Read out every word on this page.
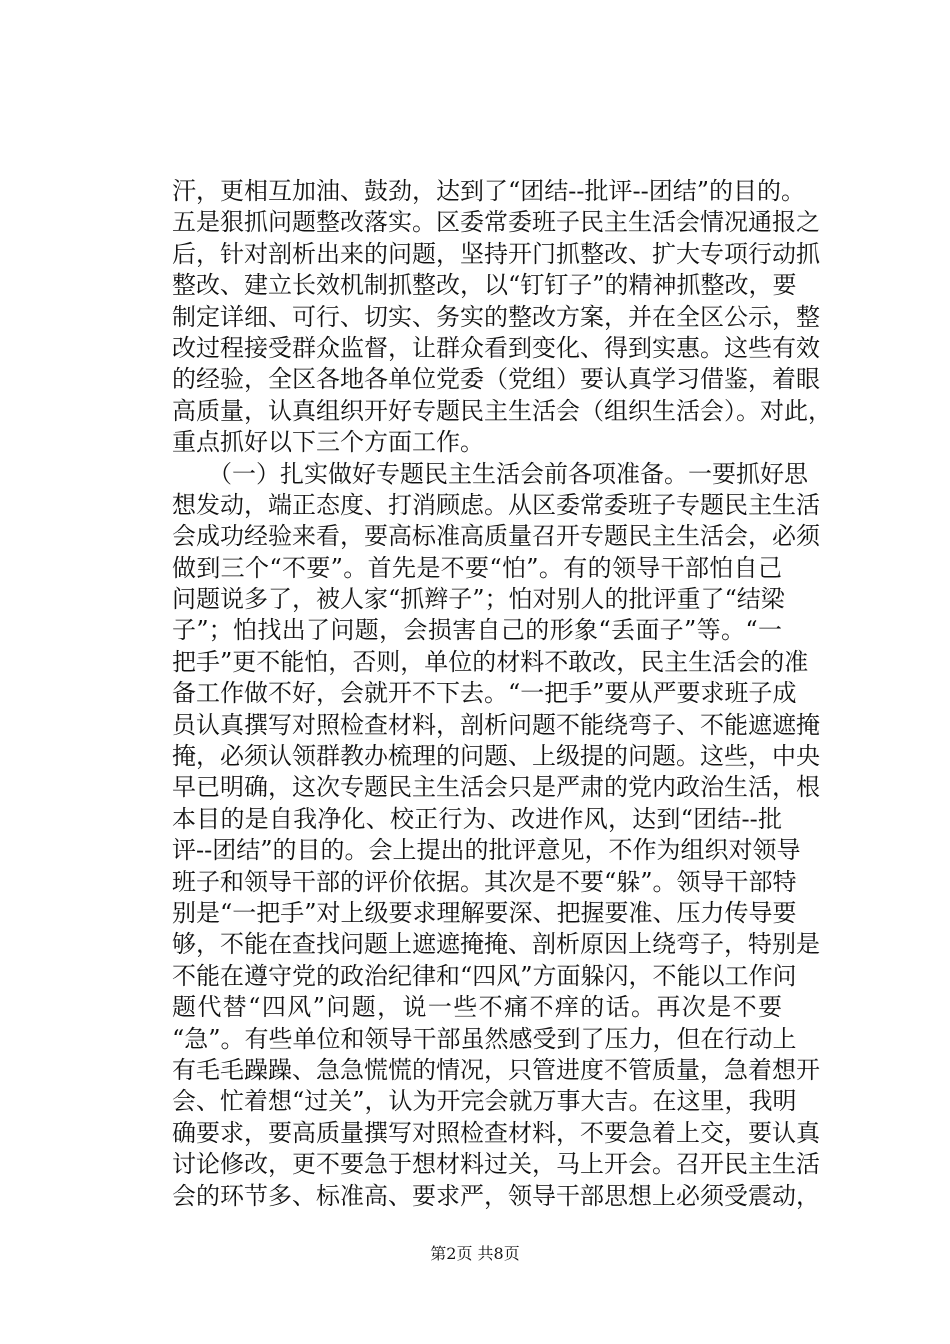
汗，更相互加油、鼓劲，达到了“团结--批评--团结”的目的。
五是狠抓问题整改落实。区委常委班子民主生活会情况通报之
后，针对剖析出来的问题，坚持开门抓整改、扩大专项行动抓
整改、建立长效机制抓整改，以“钉钉子”的精神抓整改，要
制定详细、可行、切实、务实的整改方案，并在全区公示，整
改过程接受群众监督，让群众看到变化、得到实惠。这些有效
的经验，全区各地各单位党委（党组）要认真学习借鉴，着眼
高质量，认真组织开好专题民主生活会（组织生活会）。对此，
重点抓好以下三个方面工作。
　　（一）扎实做好专题民主生活会前各项准备。一要抓好思
想发动，端正态度、打消顾虑。从区委常委班子专题民主生活
会成功经验来看，要高标准高质量召开专题民主生活会，必须
做到三个“不要”。首先是不要“怕”。有的领导干部怕自己
问题说多了，被人家“抓辫子”；怕对别人的批评重了“结梁
子”；怕找出了问题，会损害自己的形象“丢面子”等。“一
把手”更不能怕，否则，单位的材料不敢改，民主生活会的准
备工作做不好，会就开不下去。“一把手”要从严要求班子成
员认真撰写对照检查材料，剖析问题不能绕弯子、不能遮遮掩
掩，必须认领群教办梳理的问题、上级提的问题。这些，中央
早已明确，这次专题民主生活会只是严肃的党内政治生活，根
本目的是自我净化、校正行为、改进作风，达到“团结--批
评--团结”的目的。会上提出的批评意见，不作为组织对领导
班子和领导干部的评价依据。其次是不要“躲”。领导干部特
别是“一把手”对上级要求理解要深、把握要准、压力传导要
够，不能在查找问题上遮遮掩掩、剖析原因上绕弯子，特别是
不能在遵守党的政治纪律和“四风”方面躲闪，不能以工作问
题代替“四风”问题，说一些不痛不痒的话。再次是不要
“急”。有些单位和领导干部虽然感受到了压力，但在行动上
有毛毛躁躁、急急慌慌的情况，只管进度不管质量，急着想开
会、忙着想“过关”，认为开完会就万事大吉。在这里，我明
确要求，要高质量撰写对照检查材料，不要急着上交，要认真
讨论修改，更不要急于想材料过关，马上开会。召开民主生活
会的环节多、标准高、要求严，领导干部思想上必须受震动，
第2页 共8页
